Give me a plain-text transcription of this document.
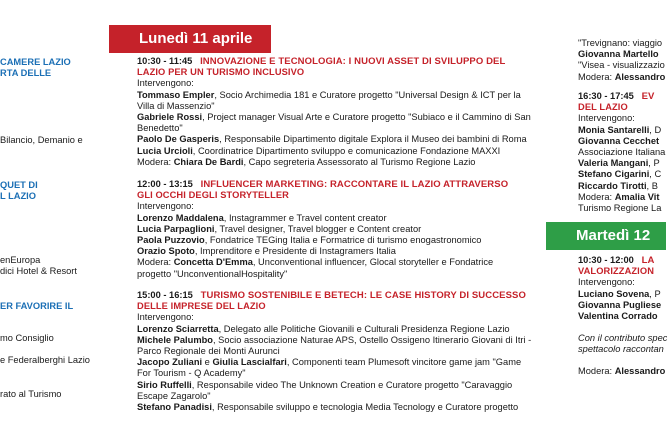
CAMERE LAZIO
RTA DELLE
Bilancio, Demanio e
QUET DI
L LAZIO
enEuropa
dici Hotel & Resort
ER FAVORIRE IL
mo Consiglio
e Federalberghi Lazio
rato al Turismo
Lunedì 11 aprile
Martedì 12
10:30 - 11:45 INNOVAZIONE E TECNOLOGIA: I NUOVI ASSET DI SVILUPPO DEL
LAZIO PER UN TURISMO INCLUSIVO
Intervengono:
Tommaso Empler, Socio Archimedia 181 e Curatore progetto "Universal Design & ICT per la
Villa di Massenzio"
Gabriele Rossi, Project manager Visual Arte e Curatore progetto "Subiaco e il Cammino di San
Benedetto"
Paolo De Gasperis, Responsabile Dipartimento digitale Explora il Museo dei bambini di Roma
Lucia Urcioli, Coordinatrice Dipartimento sviluppo e comunicazione Fondazione MAXXI
Modera: Chiara De Bardi, Capo segreteria Assessorato al Turismo Regione Lazio
12:00 - 13:15 INFLUENCER MARKETING: RACCONTARE IL LAZIO ATTRAVERSO
GLI OCCHI DEGLI STORYTELLER
Intervengono:
Lorenzo Maddalena, Instagrammer e Travel content creator
Lucia Parpaglioni, Travel designer, Travel blogger e Content creator
Paola Puzzovio, Fondatrice TEGing Italia e Formatrice di turismo enogastronomico
Orazio Spoto, Imprenditore e Presidente di Instagramers Italia
Modera: Concetta D'Emma, Unconventional influencer, Glocal storyteller e Fondatrice
progetto "UnconventionalHospitality"
15:00 - 16:15 TURISMO SOSTENIBILE E BETECH: LE CASE HISTORY DI SUCCESSO
DELLE IMPRESE DEL LAZIO
Intervengono:
Lorenzo Sciarretta, Delegato alle Politiche Giovanili e Culturali Presidenza Regione Lazio
Michele Palumbo, Socio associazione Naturae APS, Ostello Ossigeno Itinerario Giovani di Itri -
Parco Regionale dei Monti Aurunci
Jacopo Zuliani e Giulia Lascialfari, Componenti team Plumesoft vincitore game jam "Game
For Tourism - Q Academy"
Sirio Ruffelli, Responsabile video The Unknown Creation e Curatore progetto "Caravaggio
Escape Zagarolo"
Stefano Panadisi, Responsabile sviluppo e tecnologia Media Tecnology e Curatore progetto
"Trevignano: viaggio
Giovanna Martello
"Visea - visualizzazio
Modera: Alessandro
16:30 - 17:45 EV
DEL LAZIO
Intervengono:
Monia Santarelli, D
Giovanna Cecchet
Associazione Italiana
Valeria Mangani, P
Stefano Cigarini, C
Riccardo Tirotti, B
Modera: Amalia Vit
Turismo Regione La
10:30 - 12:00 LA
VALORIZZAZION
Intervengono:
Luciano Sovena, P
Giovanna Pugliese
Valentina Corrado
Con il contributo spec
spettacolo raccontan
Modera: Alessandro
